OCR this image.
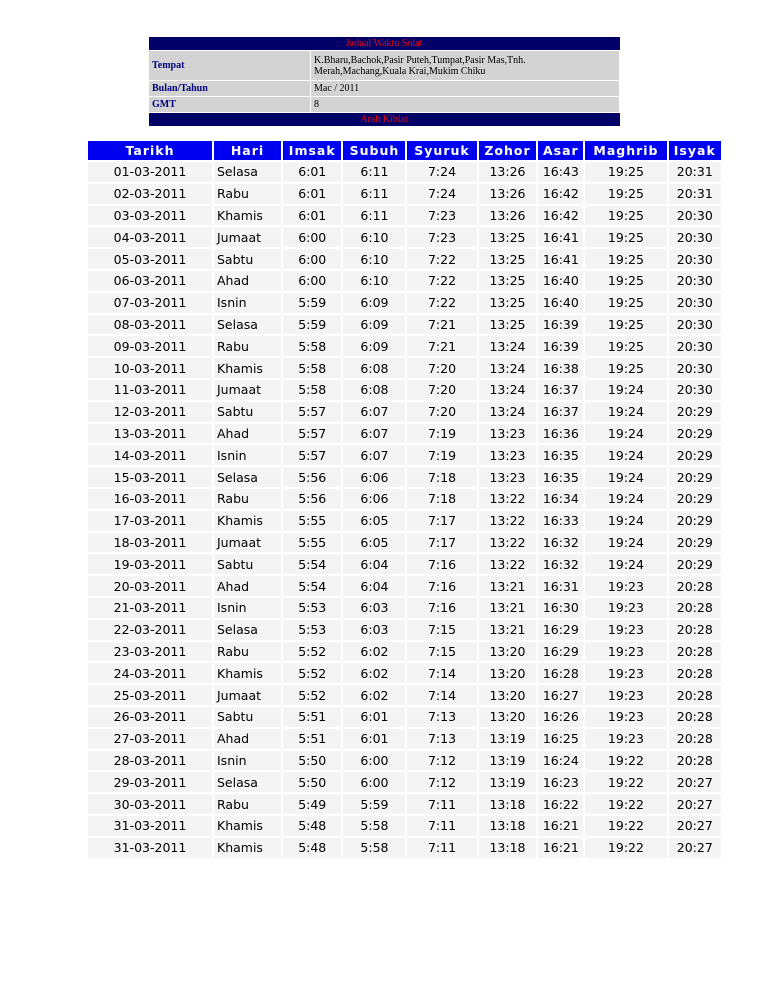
Jadual Waktu Solat	
Tempat	K.Bharu,Bachok,Pasir Puteh,Tumpat,Pasir Mas,Tnh. Merah,Machang,Kuala Krai,Mukim Chiku
Bulan/Tahun	Mac / 2011
GMT	8
Arah Kiblat	
Tarikh	Hari	Imsak	Subuh	Syuruk	Zohor	Asar	Maghrib	Isyak
01-03-2011	Selasa	6:01	6:11	7:24	13:26	16:43	19:25	20:31
02-03-2011	Rabu	6:01	6:11	7:24	13:26	16:42	19:25	20:31
03-03-2011	Khamis	6:01	6:11	7:23	13:26	16:42	19:25	20:30
04-03-2011	Jumaat	6:00	6:10	7:23	13:25	16:41	19:25	20:30
05-03-2011	Sabtu	6:00	6:10	7:22	13:25	16:41	19:25	20:30
06-03-2011	Ahad	6:00	6:10	7:22	13:25	16:40	19:25	20:30
07-03-2011	Isnin	5:59	6:09	7:22	13:25	16:40	19:25	20:30
08-03-2011	Selasa	5:59	6:09	7:21	13:25	16:39	19:25	20:30
09-03-2011	Rabu	5:58	6:09	7:21	13:24	16:39	19:25	20:30
10-03-2011	Khamis	5:58	6:08	7:20	13:24	16:38	19:25	20:30
11-03-2011	Jumaat	5:58	6:08	7:20	13:24	16:37	19:24	20:30
12-03-2011	Sabtu	5:57	6:07	7:20	13:24	16:37	19:24	20:29
13-03-2011	Ahad	5:57	6:07	7:19	13:23	16:36	19:24	20:29
14-03-2011	Isnin	5:57	6:07	7:19	13:23	16:35	19:24	20:29
15-03-2011	Selasa	5:56	6:06	7:18	13:23	16:35	19:24	20:29
16-03-2011	Rabu	5:56	6:06	7:18	13:22	16:34	19:24	20:29
17-03-2011	Khamis	5:55	6:05	7:17	13:22	16:33	19:24	20:29
18-03-2011	Jumaat	5:55	6:05	7:17	13:22	16:32	19:24	20:29
19-03-2011	Sabtu	5:54	6:04	7:16	13:22	16:32	19:24	20:29
20-03-2011	Ahad	5:54	6:04	7:16	13:21	16:31	19:23	20:28
21-03-2011	Isnin	5:53	6:03	7:16	13:21	16:30	19:23	20:28
22-03-2011	Selasa	5:53	6:03	7:15	13:21	16:29	19:23	20:28
23-03-2011	Rabu	5:52	6:02	7:15	13:20	16:29	19:23	20:28
24-03-2011	Khamis	5:52	6:02	7:14	13:20	16:28	19:23	20:28
25-03-2011	Jumaat	5:52	6:02	7:14	13:20	16:27	19:23	20:28
26-03-2011	Sabtu	5:51	6:01	7:13	13:20	16:26	19:23	20:28
27-03-2011	Ahad	5:51	6:01	7:13	13:19	16:25	19:23	20:28
28-03-2011	Isnin	5:50	6:00	7:12	13:19	16:24	19:22	20:28
29-03-2011	Selasa	5:50	6:00	7:12	13:19	16:23	19:22	20:27
30-03-2011	Rabu	5:49	5:59	7:11	13:18	16:22	19:22	20:27
31-03-2011	Khamis	5:48	5:58	7:11	13:18	16:21	19:22	20:27
31-03-2011	Khamis	5:48	5:58	7:11	13:18	16:21	19:22	20:27
